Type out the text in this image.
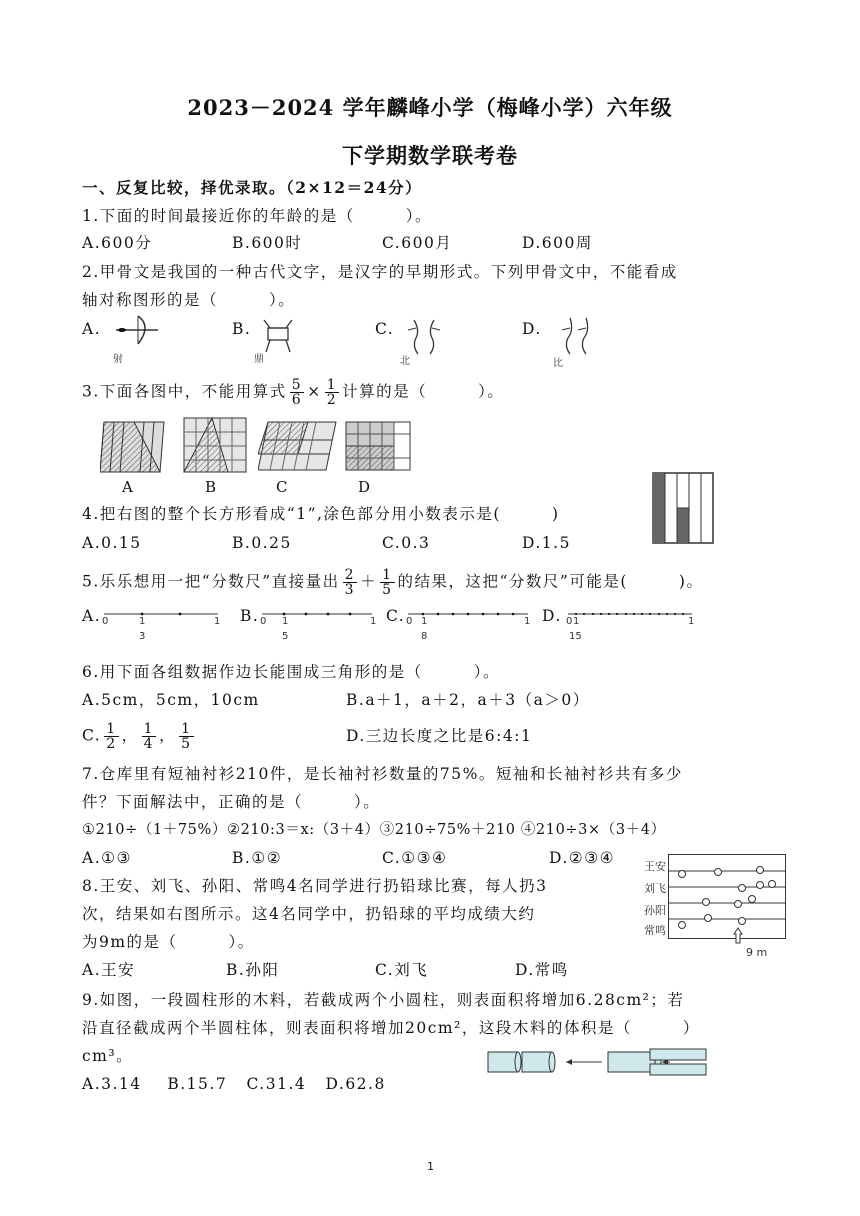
2023－2024 学年麟峰小学（梅峰小学）六年级
下学期数学联考卷
一、反复比较，择优录取。（2×12＝24分）
1.下面的时间最接近你的年龄的是（　　　）。
A.600分	B.600时	C.600月	D.600周
2.甲骨文是我国的一种古代文字，是汉字的早期形式。下列甲骨文中，不能看成
轴对称图形的是（　　　）。
A.	B.	C.	D.
射	鼎	北	比
3.下面各图中，不能用算式 $\frac{5}{6} \times \frac{1}{2}$ 计算的是（　　　）。
A	B	C	D
4.把右图的整个长方形看成“1”,涂色部分用小数表示是(　　　)
A.0.15	B.0.25	C.0.3	D.1.5
5.乐乐想用一把“分数尺”直接量出 $\frac{2}{3} + \frac{1}{5}$ 的结果，这把“分数尺”可能是(　　　)。
A.	B.	C.	D.
0	1
1
3
0	1
1
5
0	1
1
8
0	1
1
15
6.用下面各组数据作边长能围成三角形的是（　　　）。
A.5cm，5cm，10cm	B.a＋1，a＋2，a＋3（a＞0）
C. $\frac{1}{2}$ ， $\frac{1}{4}$ ， $\frac{1}{5}$	D.三边长度之比是6:4:1
7.仓库里有短袖衬衫210件，是长袖衬衫数量的75%。短袖和长袖衬衫共有多少
件？下面解法中，正确的是（　　　）。
①210÷（1＋75%）②210:3＝x:（3＋4）③210÷75%＋210 ④210÷3×（3＋4）
A.①③	B.①②	C.①③④	D.②③④
8.王安、刘飞、孙阳、常鸣4名同学进行扔铅球比赛，每人扔3
次，结果如右图所示。这4名同学中，扔铅球的平均成绩大约
为9m的是（　　　）。
A.王安	B.孙阳	C.刘飞	D.常鸣
王安
刘飞
孙阳
常鸣
9 m
9.如图，一段圆柱形的木料，若截成两个小圆柱，则表面积将增加6.28cm²；若
沿直径截成两个半圆柱体，则表面积将增加20cm²，这段木料的体积是（　　　）
cm³。
A.3.14 B.15.7 C.31.4 D.62.8
1
